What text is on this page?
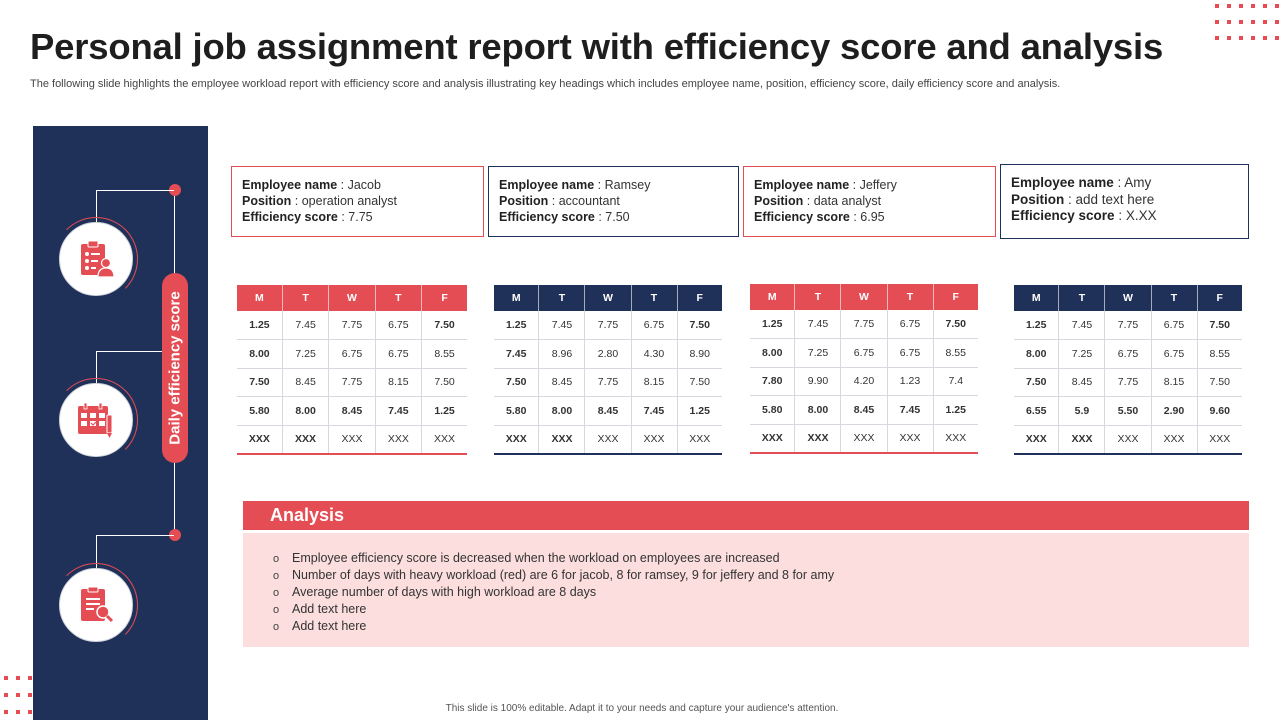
Personal job assignment report with efficiency score and analysis
The following slide highlights the employee workload report with efficiency score and analysis illustrating key headings which includes employee name, position, efficiency score, daily efficiency score and analysis.
Daily efficiency score
Employee name : Jacob
Position : operation analyst
Efficiency score : 7.75
Employee name : Ramsey
Position : accountant
Efficiency score : 7.50
Employee name : Jeffery
Position : data analyst
Efficiency score : 6.95
Employee name : Amy
Position : add text here
Efficiency score : X.XX
M	T	W	T	F
1.25	7.45	7.75	6.75	7.50
8.00	7.25	6.75	6.75	8.55
7.50	8.45	7.75	8.15	7.50
5.80	8.00	8.45	7.45	1.25
XXX	XXX	XXX	XXX	XXX
M	T	W	T	F
1.25	7.45	7.75	6.75	7.50
7.45	8.96	2.80	4.30	8.90
7.50	8.45	7.75	8.15	7.50
5.80	8.00	8.45	7.45	1.25
XXX	XXX	XXX	XXX	XXX
M	T	W	T	F
1.25	7.45	7.75	6.75	7.50
8.00	7.25	6.75	6.75	8.55
7.80	9.90	4.20	1.23	7.4
5.80	8.00	8.45	7.45	1.25
XXX	XXX	XXX	XXX	XXX
M	T	W	T	F
1.25	7.45	7.75	6.75	7.50
8.00	7.25	6.75	6.75	8.55
7.50	8.45	7.75	8.15	7.50
6.55	5.9	5.50	2.90	9.60
XXX	XXX	XXX	XXX	XXX
Analysis
o Employee efficiency score is decreased when the workload on employees are increased
o Number of days with heavy workload (red) are 6 for jacob, 8 for ramsey, 9 for jeffery and 8 for amy
o Average number of days with high workload are 8 days
o Add text here
o Add text here
This slide is 100% editable. Adapt it to your needs and capture your audience's attention.
